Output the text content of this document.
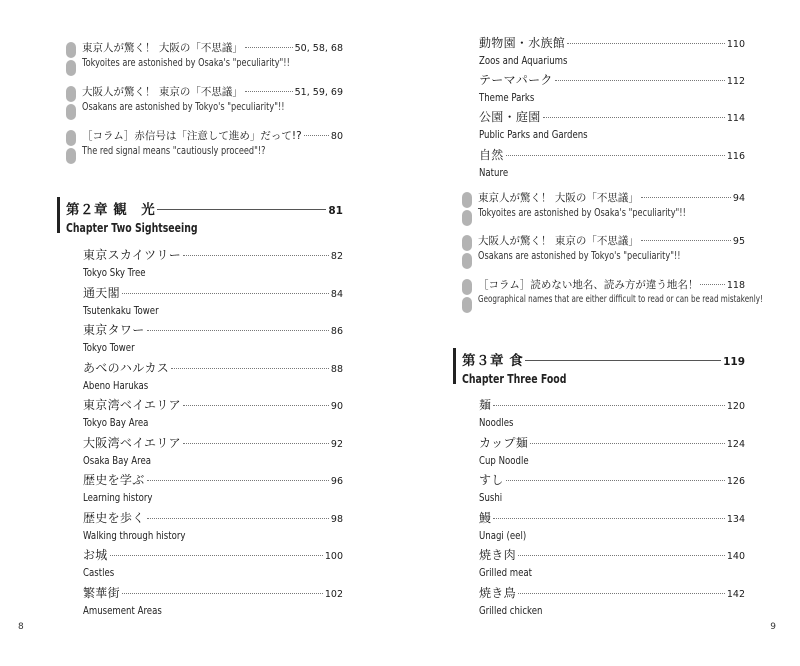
東京人が驚く！ 大阪の「不思議」	50, 58, 68
Tokyoites are astonished by Osaka's "peculiarity"!!
大阪人が驚く！ 東京の「不思議」	51, 59, 69
Osakans are astonished by Tokyo's "peculiarity"!!
［コラム］ 赤信号は「注意して進め」だって!?	80
The red signal means "cautiously proceed"!?
第２章 観　光	81
Chapter Two Sightseeing
東京スカイツリー	82
Tokyo Sky Tree
通天閣	84
Tsutenkaku Tower
東京タワー	86
Tokyo Tower
あべのハルカス	88
Abeno Harukas
東京湾ベイエリア	90
Tokyo Bay Area
大阪湾ベイエリア	92
Osaka Bay Area
歴史を学ぶ	96
Learning history
歴史を歩く	98
Walking through history
お城	100
Castles
繁華街	102
Amusement Areas
8
動物園・水族館	110
Zoos and Aquariums
テーマパーク	112
Theme Parks
公園・庭園	114
Public Parks and Gardens
自然	116
Nature
東京人が驚く！ 大阪の「不思議」	94
Tokyoites are astonished by Osaka's "peculiarity"!!
大阪人が驚く！ 東京の「不思議」	95
Osakans are astonished by Tokyo's "peculiarity"!!
［コラム］ 読めない地名、読み方が違う地名！	118
Geographical names that are either difficult to read or can be read mistakenly!
第３章 食	119
Chapter Three Food
麺	120
Noodles
カップ麺	124
Cup Noodle
すし	126
Sushi
鰻	134
Unagi (eel)
焼き肉	140
Grilled meat
焼き鳥	142
Grilled chicken
9
